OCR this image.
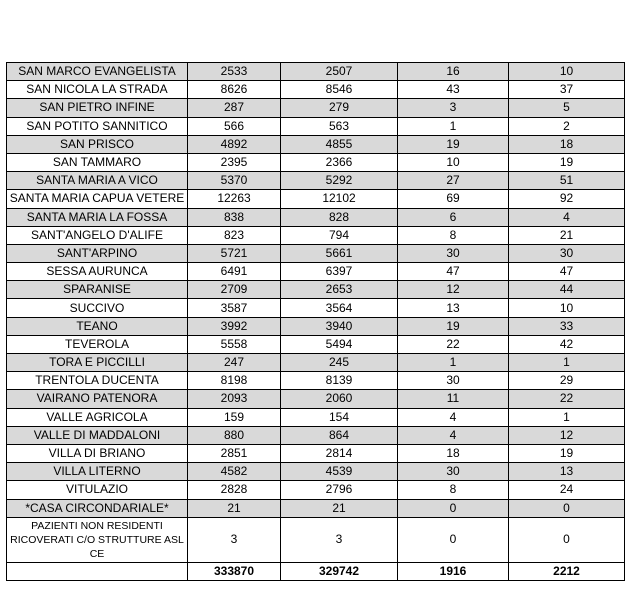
SAN MARCO EVANGELISTA	2533	2507	16	10
SAN NICOLA LA STRADA	8626	8546	43	37
SAN PIETRO INFINE	287	279	3	5
SAN POTITO SANNITICO	566	563	1	2
SAN PRISCO	4892	4855	19	18
SAN TAMMARO	2395	2366	10	19
SANTA MARIA A VICO	5370	5292	27	51
SANTA MARIA CAPUA VETERE	12263	12102	69	92
SANTA MARIA LA FOSSA	838	828	6	4
SANT'ANGELO D'ALIFE	823	794	8	21
SANT'ARPINO	5721	5661	30	30
SESSA AURUNCA	6491	6397	47	47
SPARANISE	2709	2653	12	44
SUCCIVO	3587	3564	13	10
TEANO	3992	3940	19	33
TEVEROLA	5558	5494	22	42
TORA E PICCILLI	247	245	1	1
TRENTOLA DUCENTA	8198	8139	30	29
VAIRANO PATENORA	2093	2060	11	22
VALLE AGRICOLA	159	154	4	1
VALLE DI MADDALONI	880	864	4	12
VILLA DI BRIANO	2851	2814	18	19
VILLA LITERNO	4582	4539	30	13
VITULAZIO	2828	2796	8	24
*CASA CIRCONDARIALE*	21	21	0	0
PAZIENTI NON RESIDENTI RICOVERATI C/O STRUTTURE ASL CE	3	3	0	0
	333870	329742	1916	2212
